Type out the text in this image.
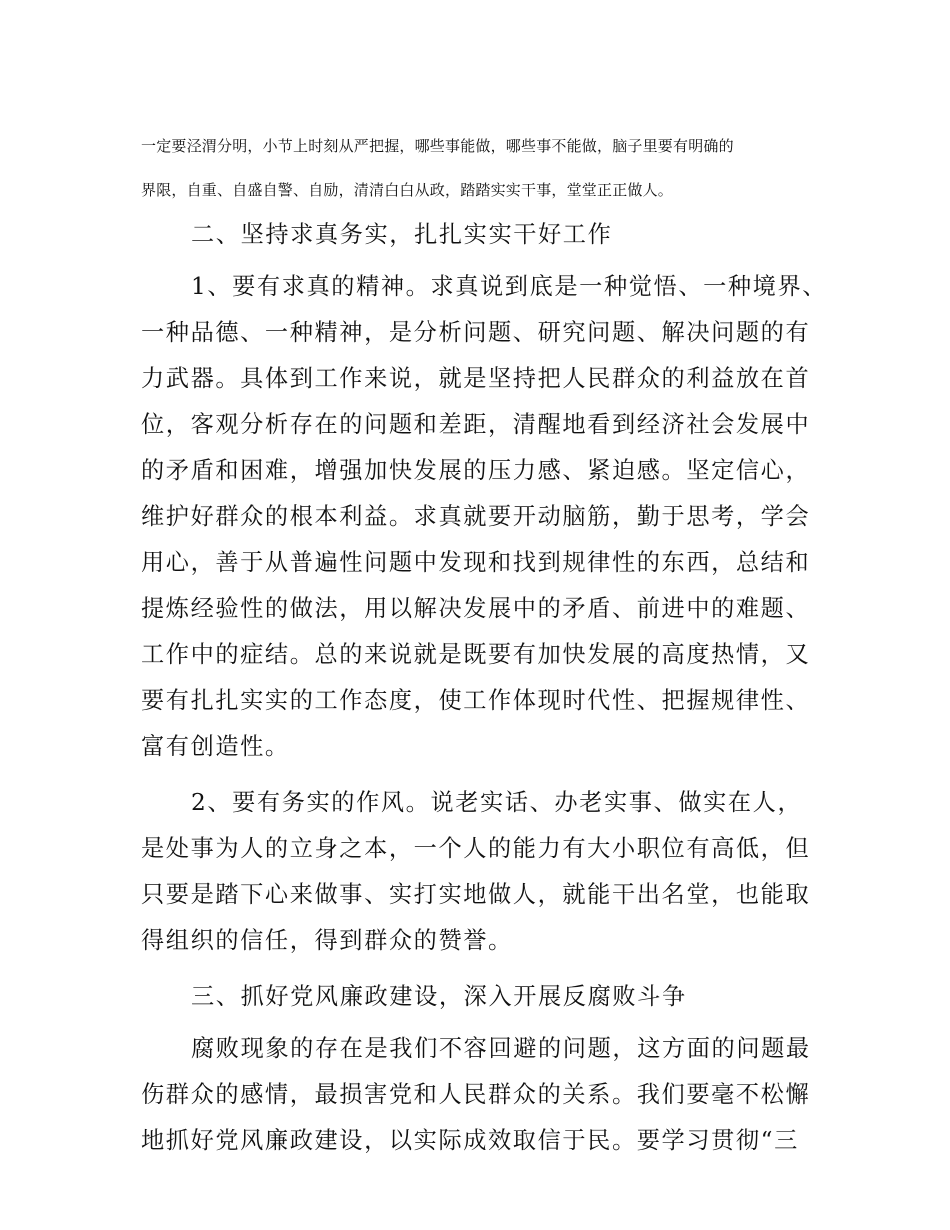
一定要泾渭分明，小节上时刻从严把握，哪些事能做，哪些事不能做，脑子里要有明确的
界限，自重、自盛自警、自励，清清白白从政，踏踏实实干事，堂堂正正做人。
二、坚持求真务实，扎扎实实干好工作
1、要有求真的精神。求真说到底是一种觉悟、一种境界、
一种品德、一种精神，是分析问题、研究问题、解决问题的有
力武器。具体到工作来说，就是坚持把人民群众的利益放在首
位，客观分析存在的问题和差距，清醒地看到经济社会发展中
的矛盾和困难，增强加快发展的压力感、紧迫感。坚定信心，
维护好群众的根本利益。求真就要开动脑筋，勤于思考，学会
用心，善于从普遍性问题中发现和找到规律性的东西，总结和
提炼经验性的做法，用以解决发展中的矛盾、前进中的难题、
工作中的症结。总的来说就是既要有加快发展的高度热情，又
要有扎扎实实的工作态度，使工作体现时代性、把握规律性、
富有创造性。
2、要有务实的作风。说老实话、办老实事、做实在人，
是处事为人的立身之本，一个人的能力有大小职位有高低，但
只要是踏下心来做事、实打实地做人，就能干出名堂，也能取
得组织的信任，得到群众的赞誉。
三、抓好党风廉政建设，深入开展反腐败斗争
腐败现象的存在是我们不容回避的问题，这方面的问题最
伤群众的感情，最损害党和人民群众的关系。我们要毫不松懈
地抓好党风廉政建设，以实际成效取信于民。要学习贯彻“三
